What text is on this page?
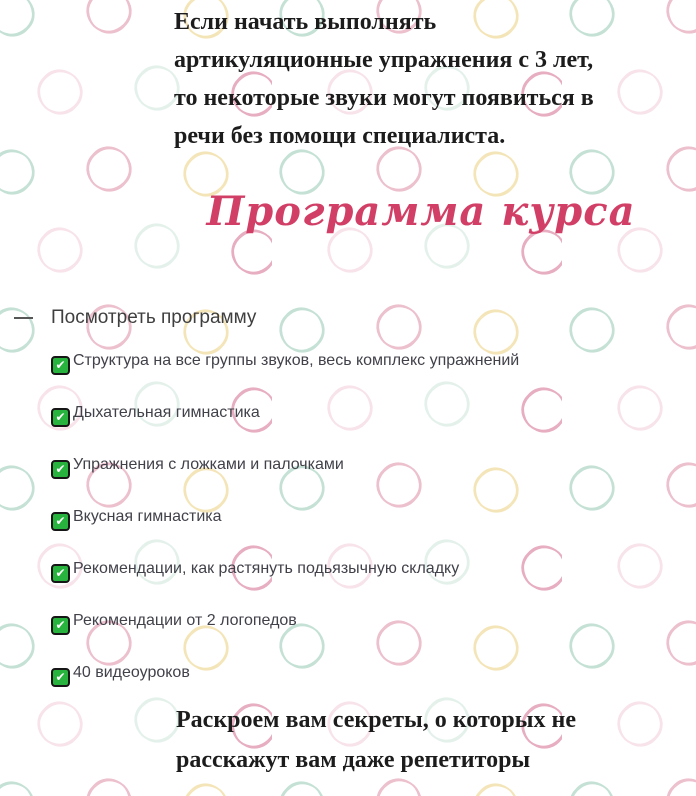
Если начать выполнять
артикуляционные упражнения с 3 лет,
то некоторые звуки могут появиться в
речи без помощи специалиста.
Программа курса
Посмотреть программу
✔ Структура на все группы звуков, весь комплекс упражнений
✔ Дыхательная гимнастика
✔ Упражнения с ложками и палочками
✔ Вкусная гимнастика
✔ Рекомендации, как растянуть подьязычную складку
✔ Рекомендации от 2 логопедов
✔ 40 видеоуроков
Раскроем вам секреты, о которых не
расскажут вам даже репетиторы
